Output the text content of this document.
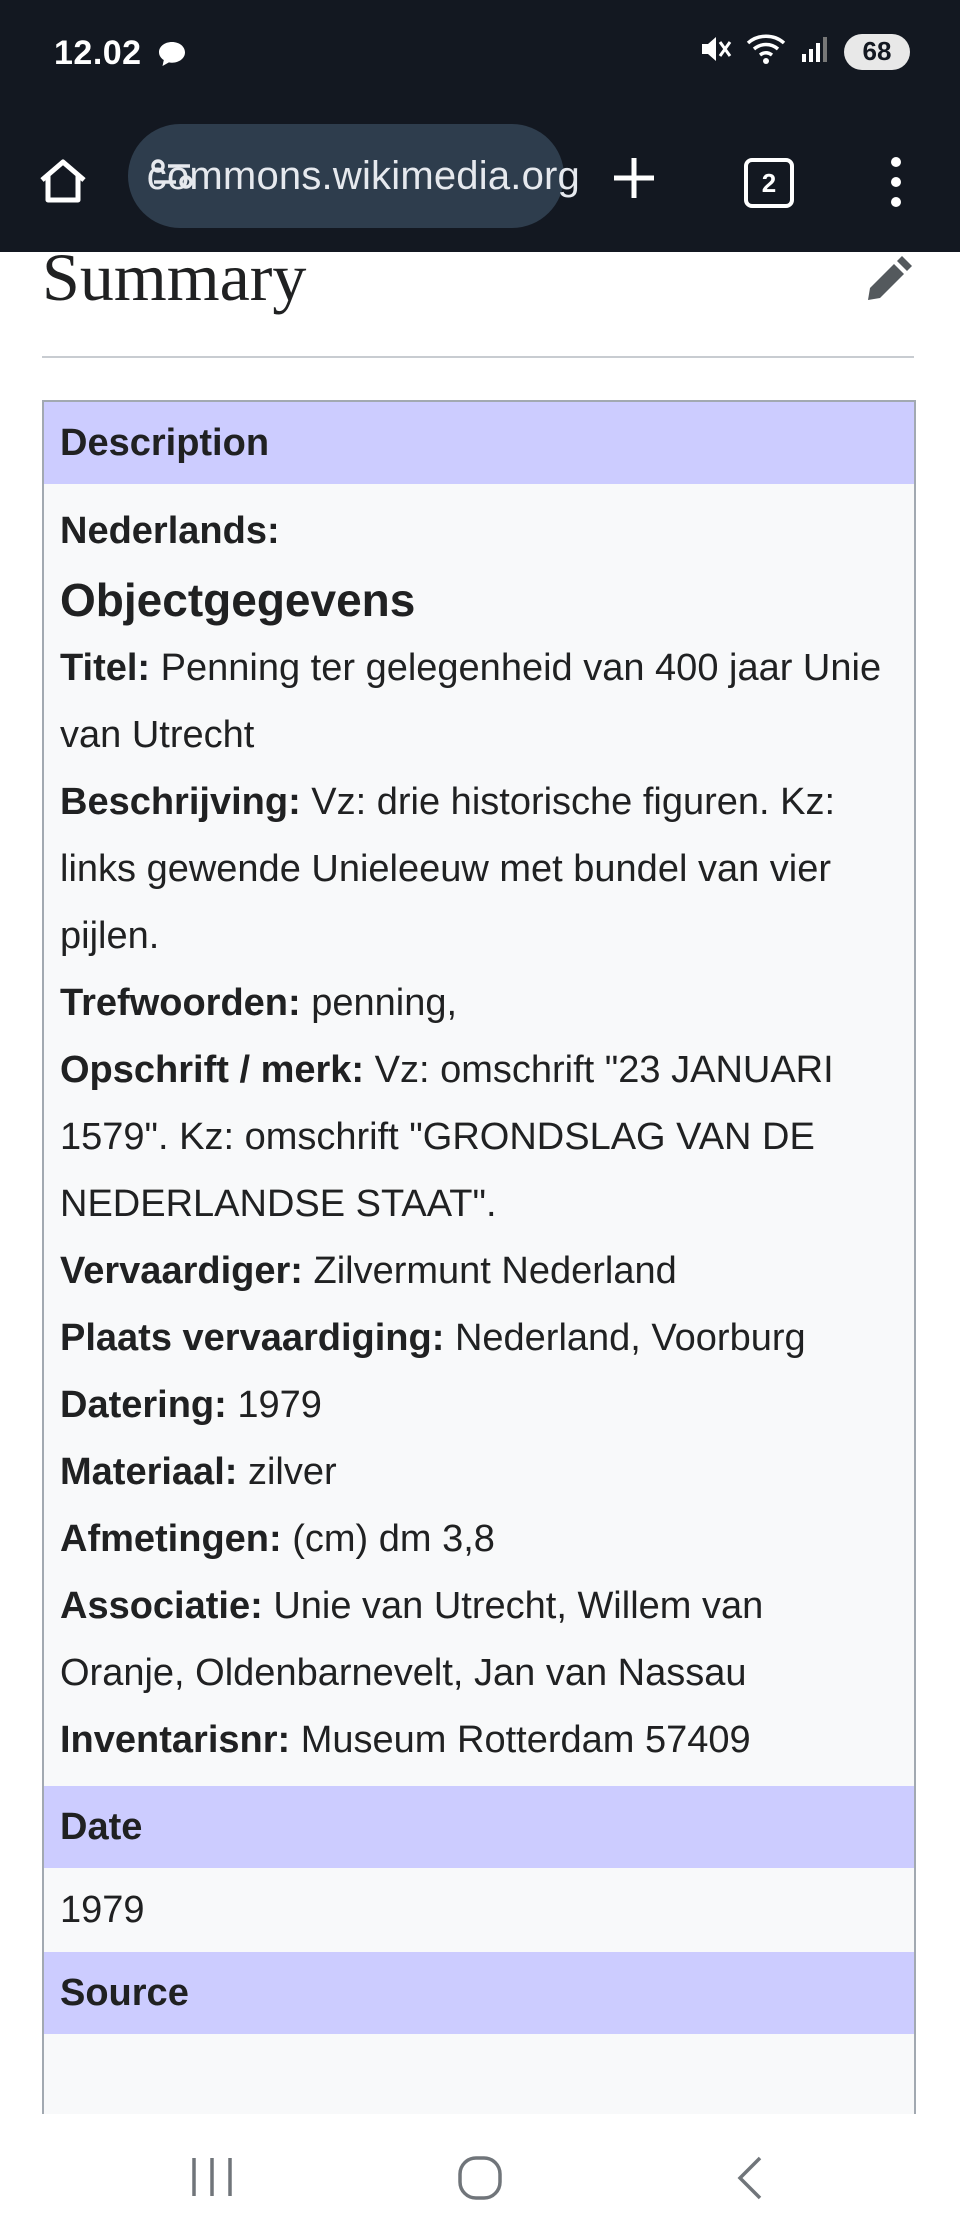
12.02	68
commons.wikimedia.org	2
Summary
Description

Nederlands:

Objectgegevens

Titel: Penning ter gelegenheid van 400 jaar Unie van Utrecht

Beschrijving: Vz: drie historische figuren. Kz: links gewende Unieleeuw met bundel van vier pijlen.

Trefwoorden: penning,

Opschrift / merk: Vz: omschrift "23 JANUARI 1579". Kz: omschrift "GRONDSLAG VAN DE NEDERLANDSE STAAT".

Vervaardiger: Zilvermunt Nederland

Plaats vervaardiging: Nederland, Voorburg

Datering: 1979

Materiaal: zilver

Afmetingen: (cm) dm 3,8

Associatie: Unie van Utrecht, Willem van Oranje, Oldenbarnevelt, Jan van Nassau

Inventarisnr: Museum Rotterdam 57409

Date
1979
Source
